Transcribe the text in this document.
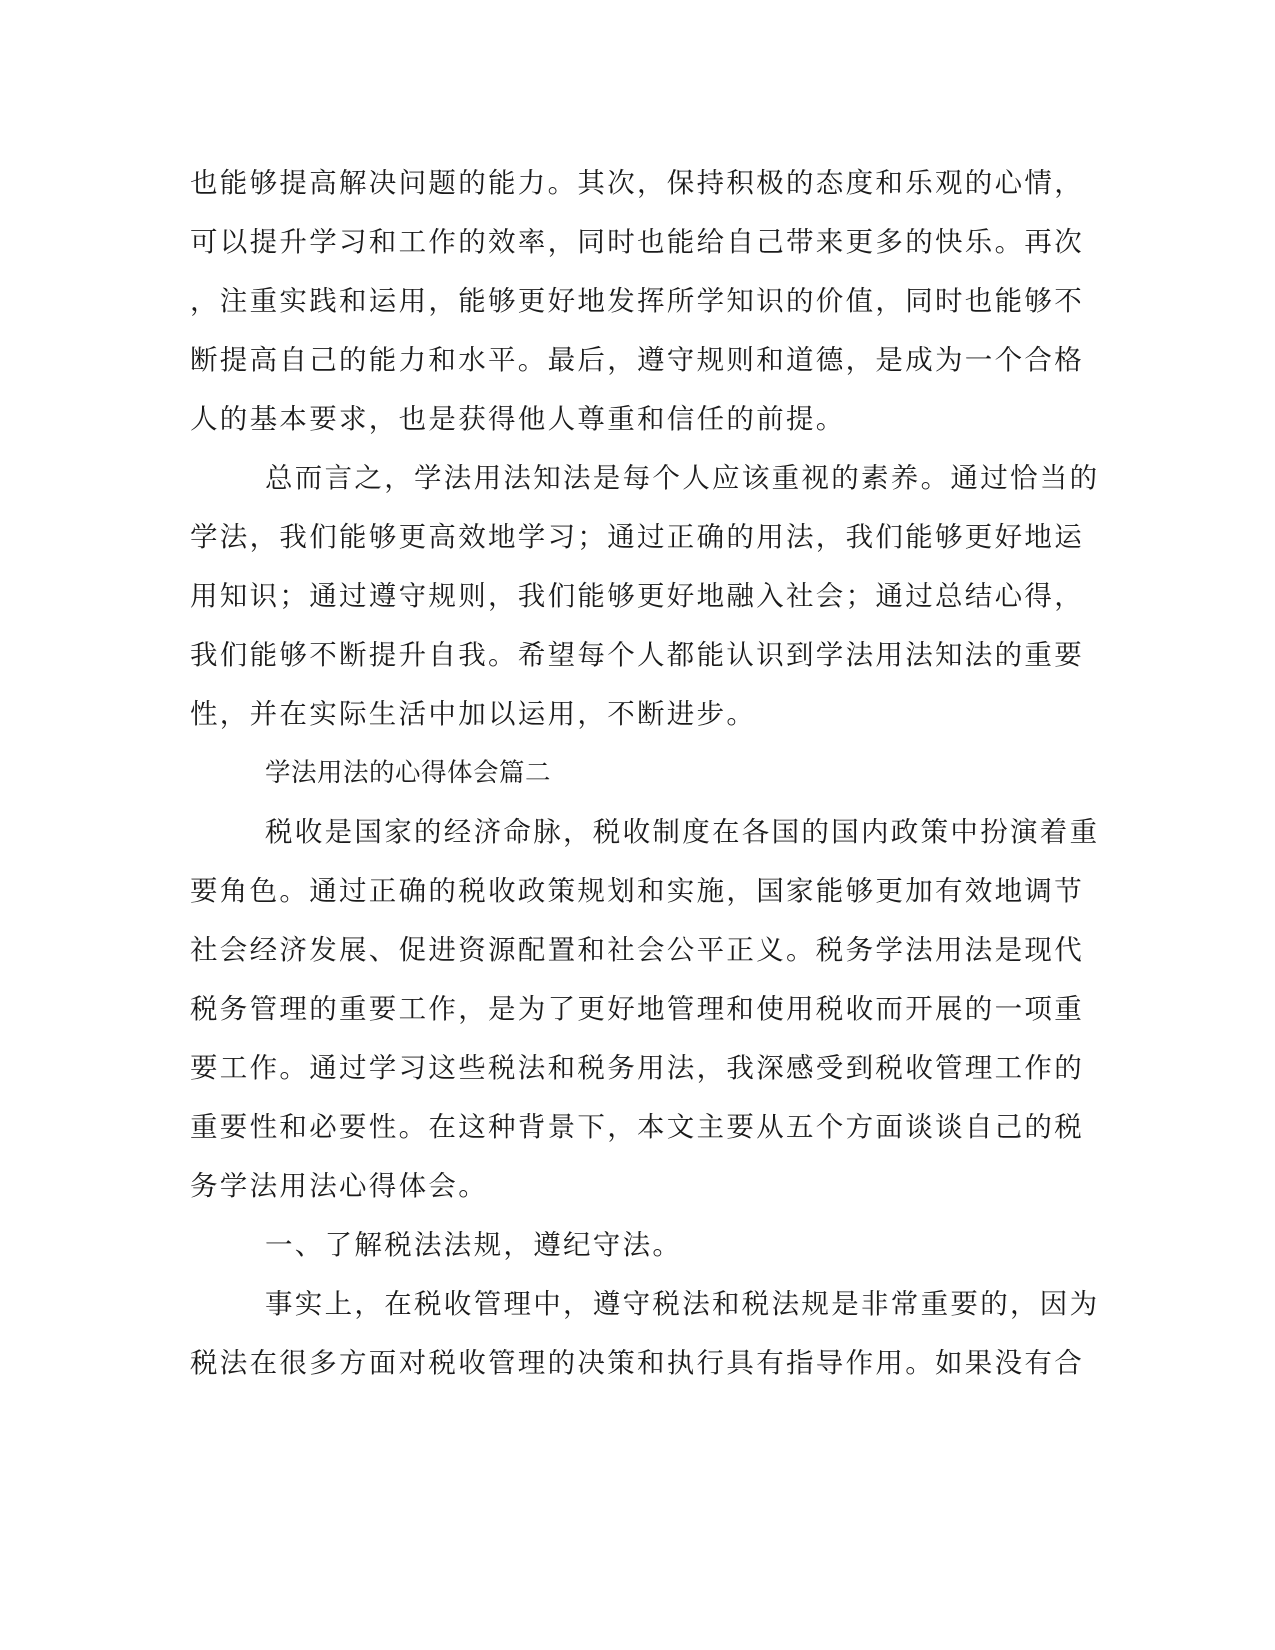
也能够提高解决问题的能力。其次，保持积极的态度和乐观的心情，

可以提升学习和工作的效率，同时也能给自己带来更多的快乐。再次

，注重实践和运用，能够更好地发挥所学知识的价值，同时也能够不

断提高自己的能力和水平。最后，遵守规则和道德，是成为一个合格

人的基本要求，也是获得他人尊重和信任的前提。

总而言之，学法用法知法是每个人应该重视的素养。通过恰当的

学法，我们能够更高效地学习；通过正确的用法，我们能够更好地运

用知识；通过遵守规则，我们能够更好地融入社会；通过总结心得，

我们能够不断提升自我。希望每个人都能认识到学法用法知法的重要

性，并在实际生活中加以运用，不断进步。

学法用法的心得体会篇二

税收是国家的经济命脉，税收制度在各国的国内政策中扮演着重

要角色。通过正确的税收政策规划和实施，国家能够更加有效地调节

社会经济发展、促进资源配置和社会公平正义。税务学法用法是现代

税务管理的重要工作，是为了更好地管理和使用税收而开展的一项重

要工作。通过学习这些税法和税务用法，我深感受到税收管理工作的

重要性和必要性。在这种背景下，本文主要从五个方面谈谈自己的税

务学法用法心得体会。

一、了解税法法规，遵纪守法。

事实上，在税收管理中，遵守税法和税法规是非常重要的，因为

税法在很多方面对税收管理的决策和执行具有指导作用。如果没有合
